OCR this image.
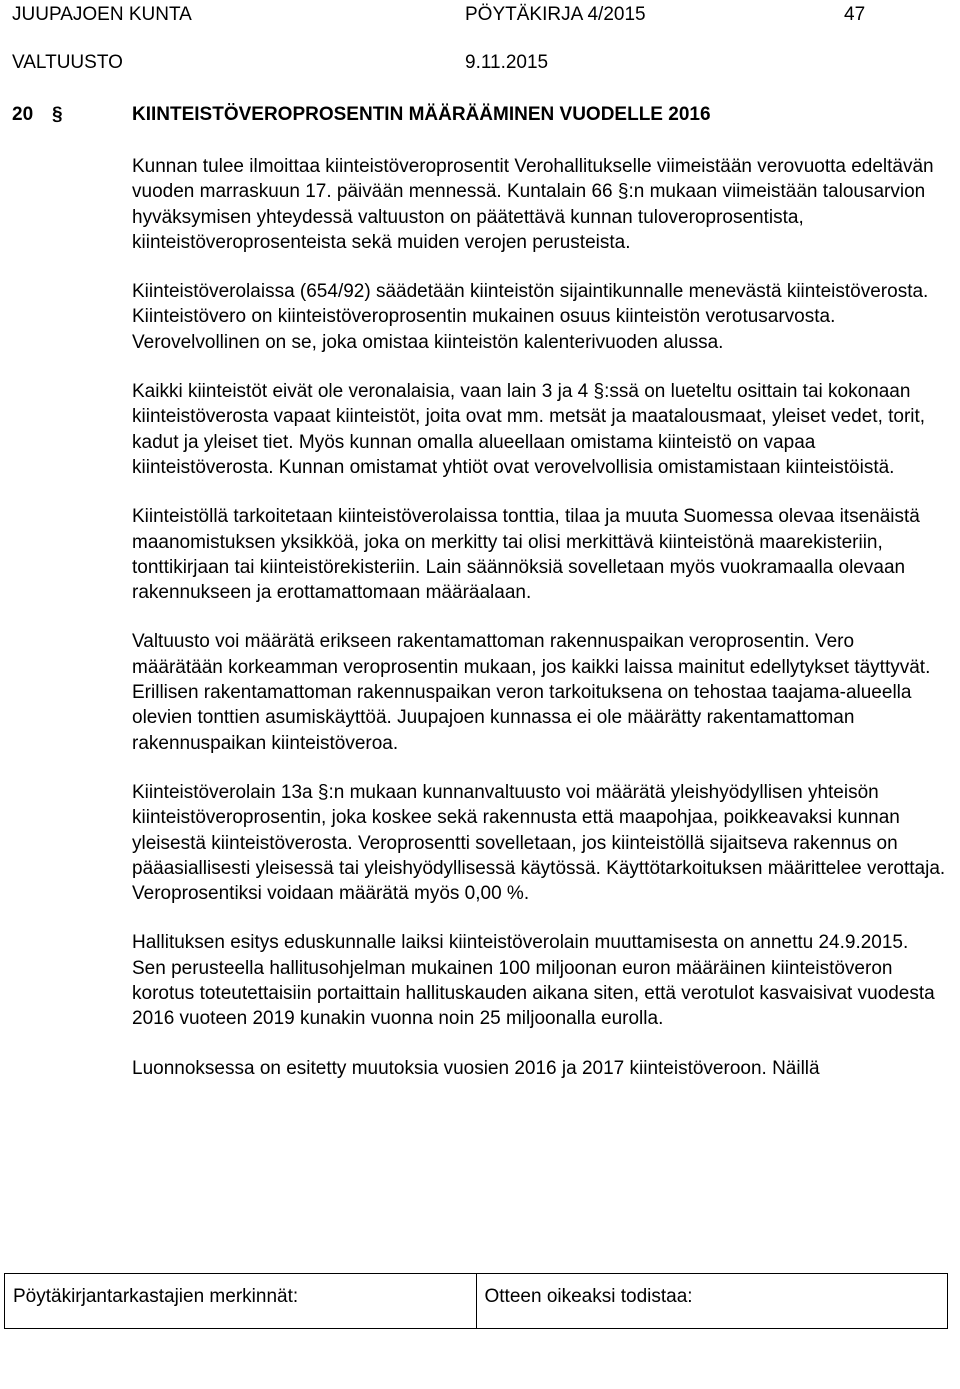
JUUPAJOEN KUNTA	PÖYTÄKIRJA 4/2015	47
VALTUUSTO	9.11.2015
20 §	KIINTEISTÖVEROPROSENTIN MÄÄRÄÄMINEN VUODELLE 2016

Kunnan tulee ilmoittaa kiinteistöveroprosentit Verohallitukselle viimeistään verovuotta edeltävän vuoden marraskuun 17. päivään mennessä. Kuntalain 66 §:n mukaan viimeistään talousarvion hyväksymisen yhteydessä valtuuston on päätettävä kunnan tuloveroprosentista, kiinteistöveroprosenteista sekä muiden verojen perusteista.

Kiinteistöverolaissa (654/92) säädetään kiinteistön sijaintikunnalle menevästä kiinteistöverosta. Kiinteistövero on kiinteistöveroprosentin mukainen osuus kiinteistön verotusarvosta. Verovelvollinen on se, joka omistaa kiinteistön kalenterivuoden alussa.

Kaikki kiinteistöt eivät ole veronalaisia, vaan lain 3 ja 4 §:ssä on lueteltu osittain tai kokonaan kiinteistöverosta vapaat kiinteistöt, joita ovat mm. metsät ja maatalousmaat, yleiset vedet, torit, kadut ja yleiset tiet. Myös kunnan omalla alueellaan omistama kiinteistö on vapaa kiinteistöverosta. Kunnan omistamat yhtiöt ovat verovelvollisia omistamistaan kiinteistöistä.

Kiinteistöllä tarkoitetaan kiinteistöverolaissa tonttia, tilaa ja muuta Suomessa olevaa itsenäistä maanomistuksen yksikköä, joka on merkitty tai olisi merkittävä kiinteistönä maarekisteriin, tonttikirjaan tai kiinteistörekisteriin. Lain säännöksiä sovelletaan myös vuokramaalla olevaan rakennukseen ja erottamattomaan määräalaan.

Valtuusto voi määrätä erikseen rakentamattoman rakennuspaikan veroprosentin. Vero määrätään korkeamman veroprosentin mukaan, jos kaikki laissa mainitut edellytykset täyttyvät. Erillisen rakentamattoman rakennuspaikan veron tarkoituksena on tehostaa taajama-alueella olevien tonttien asumiskäyttöä. Juupajoen kunnassa ei ole määrätty rakentamattoman rakennuspaikan kiinteistöveroa.

Kiinteistöverolain 13a §:n mukaan kunnanvaltuusto voi määrätä yleishyödyllisen yhteisön kiinteistöveroprosentin, joka koskee sekä rakennusta että maapohjaa, poikkeavaksi kunnan yleisestä kiinteistöverosta. Veroprosentti sovelletaan, jos kiinteistöllä sijaitseva rakennus on pääasiallisesti yleisessä tai yleishyödyllisessä käytössä. Käyttötarkoituksen määrittelee verottaja. Veroprosentiksi voidaan määrätä myös 0,00 %.

Hallituksen esitys eduskunnalle laiksi kiinteistöverolain muuttamisesta on annettu 24.9.2015. Sen perusteella hallitusohjelman mukainen 100 miljoonan euron määräinen kiinteistöveron korotus toteutettaisiin portaittain hallituskauden aikana siten, että verotulot kasvaisivat vuodesta 2016 vuoteen 2019 kunakin vuonna noin 25 miljoonalla eurolla.

Luonnoksessa on esitetty muutoksia vuosien 2016 ja 2017 kiinteistöveroon. Näillä

Pöytäkirjantarkastajien merkinnät:	Otteen oikeaksi todistaa:
